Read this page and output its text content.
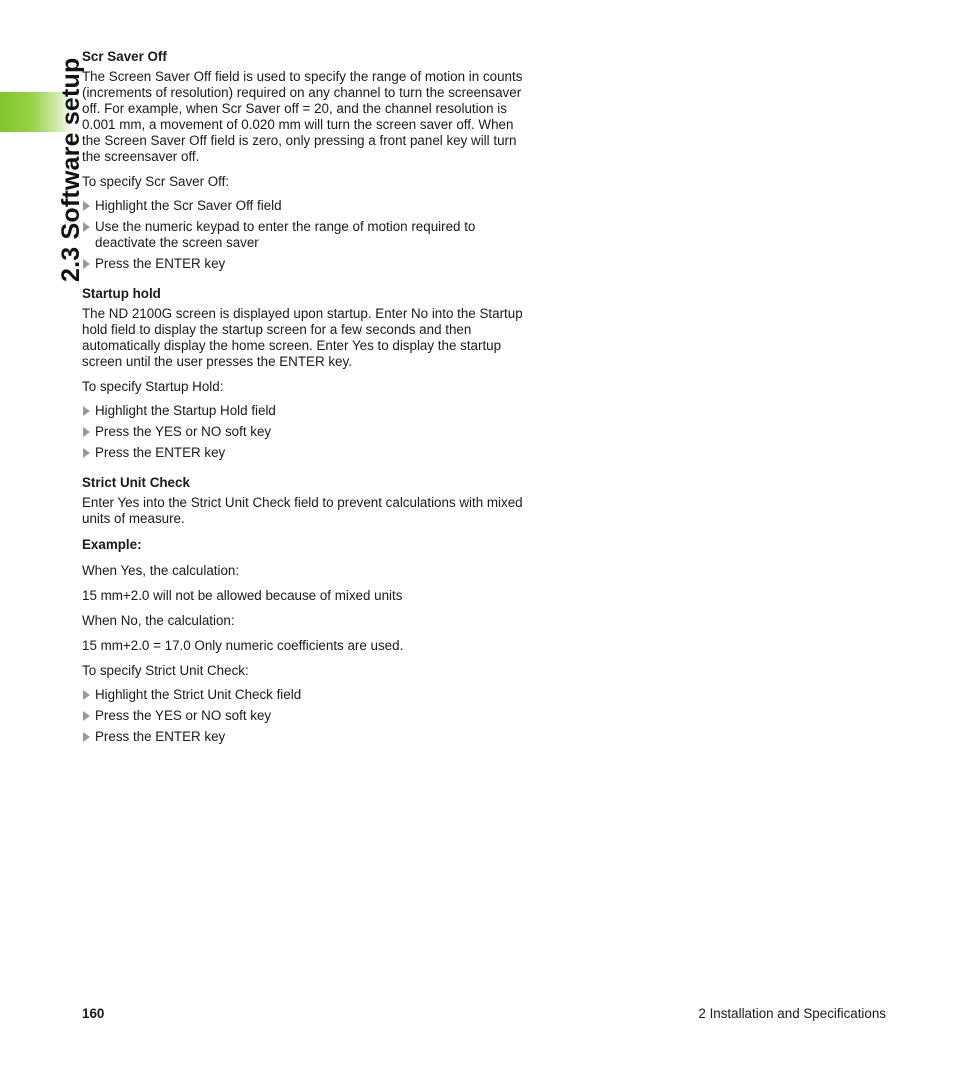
2.3 Software setup
Scr Saver Off

The Screen Saver Off field is used to specify the range of motion in counts (increments of resolution) required on any channel to turn the screensaver off. For example, when Scr Saver off = 20, and the channel resolution is 0.001 mm, a movement of 0.020 mm will turn the screen saver off. When the Screen Saver Off field is zero, only pressing a front panel key will turn the screensaver off.

To specify Scr Saver Off:

Highlight the Scr Saver Off field
Use the numeric keypad to enter the range of motion required to deactivate the screen saver
Press the ENTER key
Startup hold

The ND 2100G screen is displayed upon startup. Enter No into the Startup hold field to display the startup screen for a few seconds and then automatically display the home screen. Enter Yes to display the startup screen until the user presses the ENTER key.

To specify Startup Hold:

Highlight the Startup Hold field
Press the YES or NO soft key
Press the ENTER key
Strict Unit Check

Enter Yes into the Strict Unit Check field to prevent calculations with mixed units of measure.

Example:

When Yes, the calculation:

15 mm+2.0 will not be allowed because of mixed units

When No, the calculation:

15 mm+2.0 = 17.0 Only numeric coefficients are used.

To specify Strict Unit Check:

Highlight the Strict Unit Check field
Press the YES or NO soft key
Press the ENTER key
160	2 Installation and Specifications
